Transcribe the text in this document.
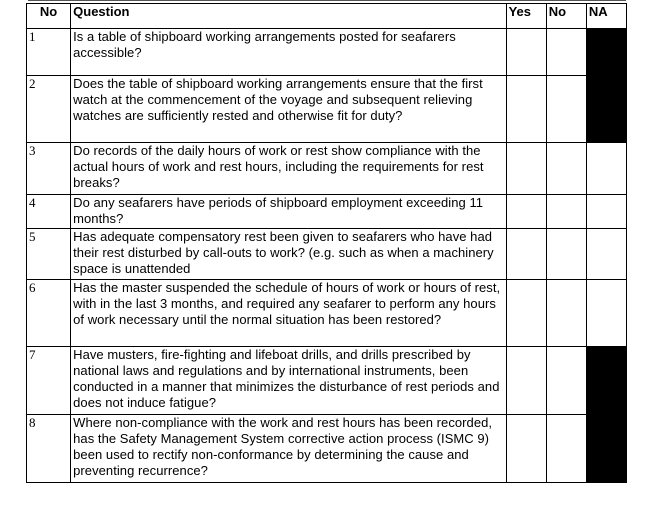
No	Question	Yes	No	NA
1	Is a table of shipboard working arrangements posted for seafarers accessible?			
2	Does the table of shipboard working arrangements ensure that the first watch at the commencement of the voyage and subsequent relieving watches are sufficiently rested and otherwise fit for duty?			
3	Do records of the daily hours of work or rest show compliance with the actual hours of work and rest hours, including the requirements for rest breaks?			
4	Do any seafarers have periods of shipboard employment exceeding 11 months?			
5	Has adequate compensatory rest been given to seafarers who have had their rest disturbed by call-outs to work? (e.g. such as when a machinery space is unattended			
6	Has the master suspended the schedule of hours of work or hours of rest, with in the last 3 months, and required any seafarer to perform any hours of work necessary until the normal situation has been restored?			
7	Have musters, fire-fighting and lifeboat drills, and drills prescribed by national laws and regulations and by international instruments, been conducted in a manner that minimizes the disturbance of rest periods and does not induce fatigue?			
8	Where non-compliance with the work and rest hours has been recorded, has the Safety Management System corrective action process (ISMC 9) been used to rectify non-conformance by determining the cause and preventing recurrence?			
